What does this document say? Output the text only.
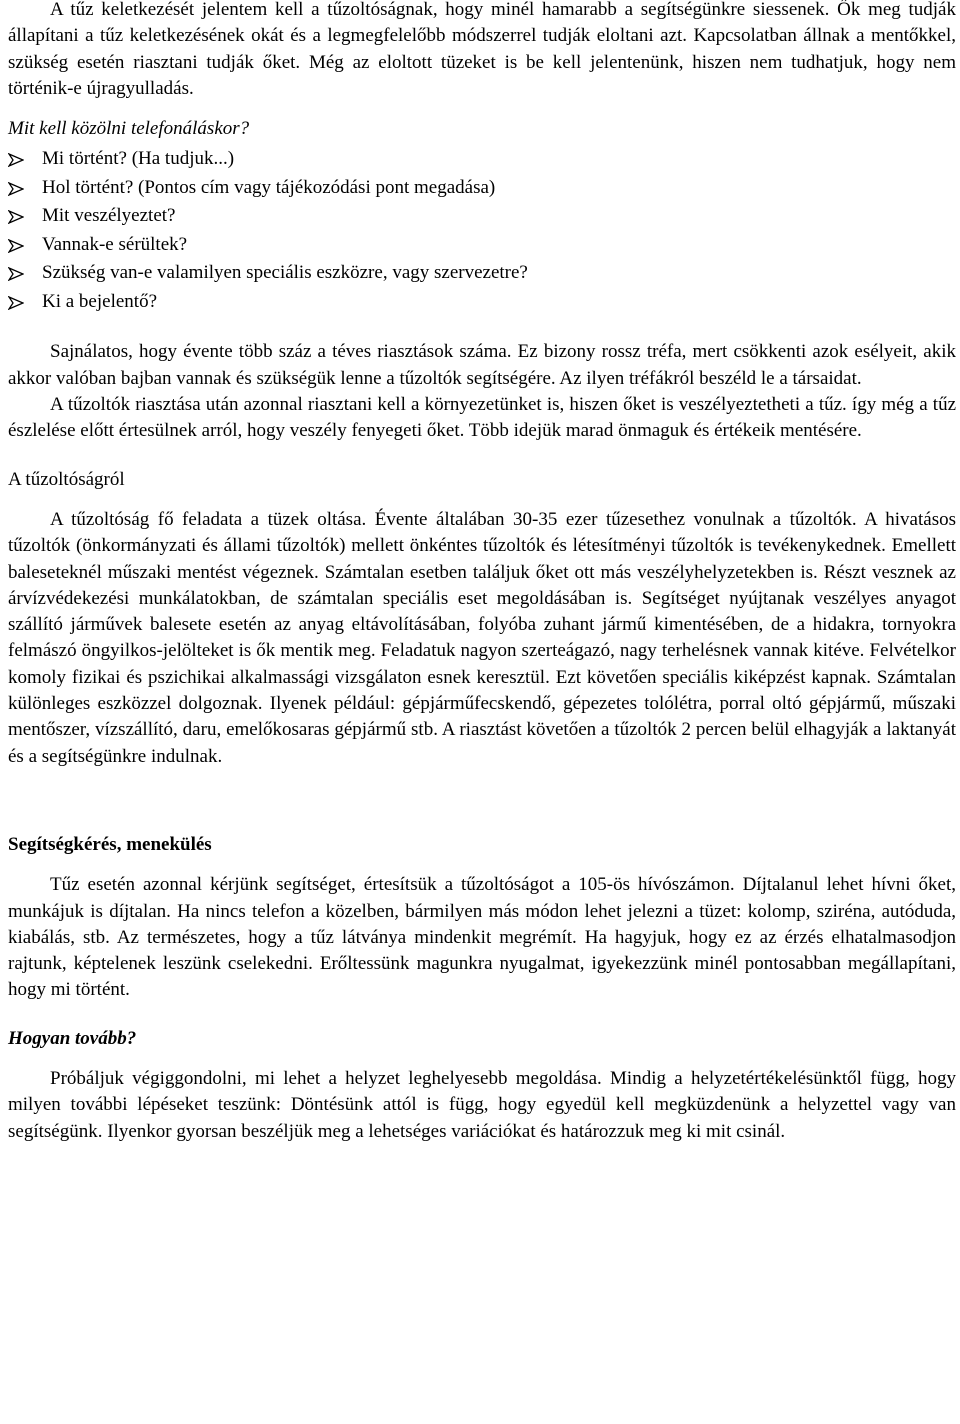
A tűz keletkezését jelentem kell a tűzoltóságnak, hogy minél hamarabb a segítségünkre siessenek. Ők meg tudják állapítani a tűz keletkezésének okát és a legmegfelelőbb módszerrel tudják eloltani azt. Kapcsolatban állnak a mentőkkel, szükség esetén riasztani tudják őket. Még az eloltott tüzeket is be kell jelentenünk, hiszen nem tudhatjuk, hogy nem történik-e újragyulladás.

Mit kell közölni telefonáláskor?

Mi történt? (Ha tudjuk...)
Hol történt? (Pontos cím vagy tájékozódási pont megadása)
Mit veszélyeztet?
Vannak-e sérültek?
Szükség van-e valamilyen speciális eszközre, vagy szervezetre?
Ki a bejelentő?

Sajnálatos, hogy évente több száz a téves riasztások száma. Ez bizony rossz tréfa, mert csökkenti azok esélyeit, akik akkor valóban bajban vannak és szükségük lenne a tűzoltók segítségére. Az ilyen tréfákról beszéld le a társaidat.

A tűzoltók riasztása után azonnal riasztani kell a környezetünket is, hiszen őket is veszélyeztetheti a tűz. így még a tűz észlelése előtt értesülnek arról, hogy veszély fenyegeti őket. Több idejük marad önmaguk és értékeik mentésére.

A tűzoltóságról

A tűzoltóság fő feladata a tüzek oltása. Évente általában 30-35 ezer tűzesethez vonulnak a tűzoltók. A hivatásos tűzoltók (önkormányzati és állami tűzoltók) mellett önkéntes tűzoltók és létesítményi tűzoltók is tevékenykednek. Emellett baleseteknél műszaki mentést végeznek. Számtalan esetben találjuk őket ott más veszélyhelyzetekben is. Részt vesznek az árvízvédekezési munkálatokban, de számtalan speciális eset megoldásában is. Segítséget nyújtanak veszélyes anyagot szállító járművek balesete esetén az anyag eltávolításában, folyóba zuhant jármű kimentésében, de a hidakra, tornyokra felmászó öngyilkos-jelölteket is ők mentik meg. Feladatuk nagyon szerteágazó, nagy terhelésnek vannak kitéve. Felvételkor komoly fizikai és pszichikai alkalmassági vizsgálaton esnek keresztül. Ezt követően speciális kiképzést kapnak. Számtalan különleges eszközzel dolgoznak. Ilyenek például: gépjárműfecskendő, gépezetes tolólétra, porral oltó gépjármű, műszaki mentőszer, vízszállító, daru, emelőkosaras gépjármű stb. A riasztást követően a tűzoltók 2 percen belül elhagyják a laktanyát és a segítségünkre indulnak.

Segítségkérés, menekülés

Tűz esetén azonnal kérjünk segítséget, értesítsük a tűzoltóságot a 105-ös hívószámon. Díjtalanul lehet hívni őket, munkájuk is díjtalan. Ha nincs telefon a közelben, bármilyen más módon lehet jelezni a tüzet: kolomp, sziréna, autóduda, kiabálás, stb. Az természetes, hogy a tűz látványa mindenkit megrémít. Ha hagyjuk, hogy ez az érzés elhatalmasodjon rajtunk, képtelenek leszünk cselekedni. Erőltessünk magunkra nyugalmat, igyekezzünk minél pontosabban megállapítani, hogy mi történt.

Hogyan tovább?

Próbáljuk végiggondolni, mi lehet a helyzet leghelyesebb megoldása. Mindig a helyzetértékelésünktől függ, hogy milyen további lépéseket teszünk: Döntésünk attól is függ, hogy egyedül kell megküzdenünk a helyzettel vagy van segítségünk. Ilyenkor gyorsan beszéljük meg a lehetséges variációkat és határozzuk meg ki mit csinál.
